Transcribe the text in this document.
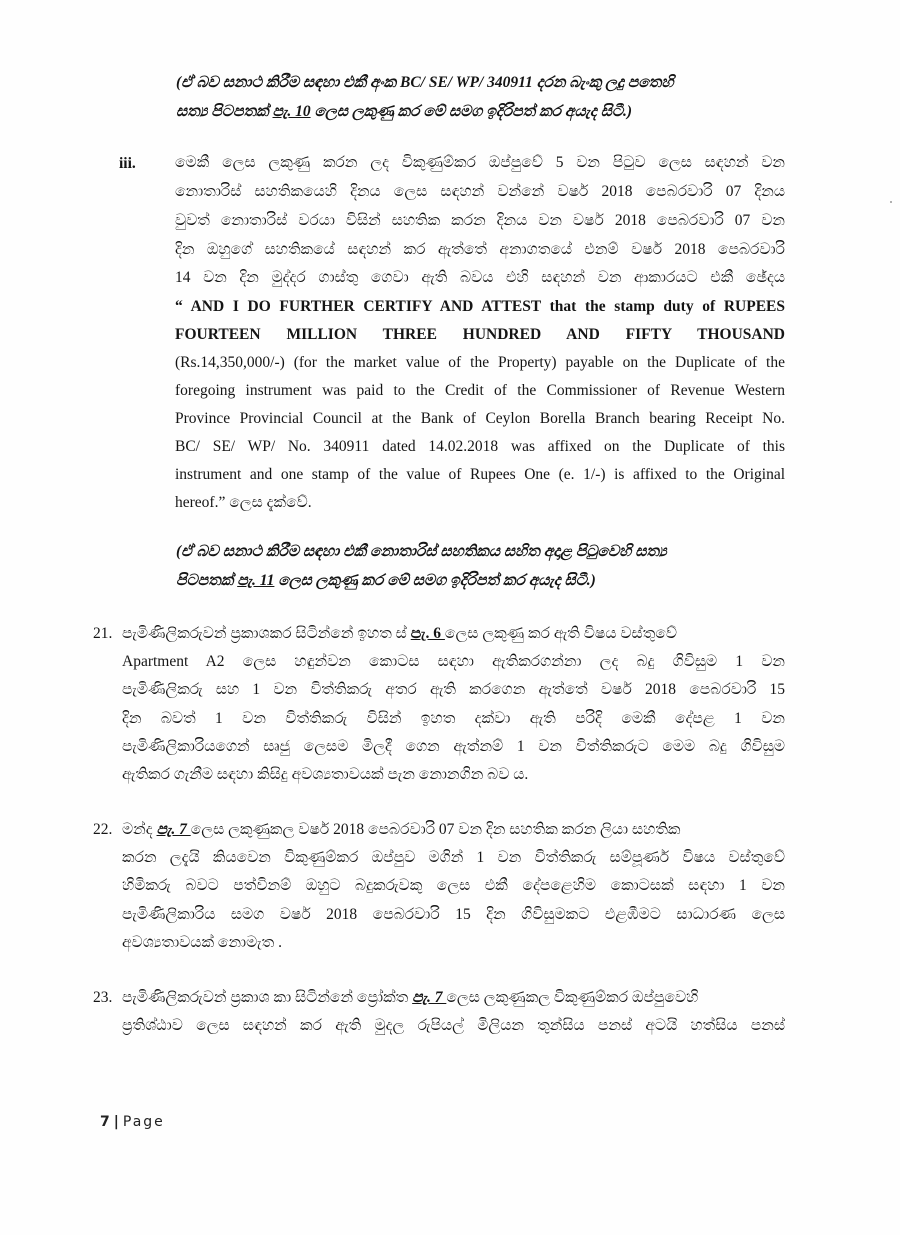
(ඒ බව සනාථ කිරීම සඳහා එකී අංක BC/ SE/ WP/ 340911 දරන බැංකු ලදු පතෙහි
සත්‍ය පිටපතක් පැ. 10 ලෙස ලකුණු කර මේ සමග ඉදිරිපත් කර අයැද සිටී.)
iii.	මෙකී ලෙස ලකුණු කරන ලද විකුණුම්කර ඔප්පුවේ 5 වන පිටුව ලෙස සඳහන් වන
නොතාරිස් සහතිකයෙහි දිනය ලෙස සඳහන් වන්නේ වර්ෂ 2018 පෙබරවාරි 07 දිනය
වුවත් නොතාරිස් වරයා විසින් සහතික කරන දිනය වන වර්ෂ 2018 පෙබරවාරි 07 වන
දින ඔහුගේ සහතිකයේ සඳහන් කර ඇත්තේ අනාගතයේ එනම් වර්ෂ 2018 පෙබරවාරි
14 වන දින මුද්දර ගාස්තු ගෙවා ඇති බවය එහි සඳහන් වන ආකාරයට එකී ඡේදය
“ AND I DO FURTHER CERTIFY AND ATTEST that the stamp duty of RUPEES
FOURTEEN MILLION THREE HUNDRED AND FIFTY THOUSAND
(Rs.14,350,000/-) (for the market value of the Property) payable on the Duplicate of the
foregoing instrument was paid to the Credit of the Commissioner of Revenue Western
Province Provincial Council at the Bank of Ceylon Borella Branch bearing Receipt No.
BC/ SE/ WP/ No. 340911 dated 14.02.2018 was affixed on the Duplicate of this
instrument and one stamp of the value of Rupees One (e. 1/-) is affixed to the Original
hereof.” ලෙස දැක්වේ.
(ඒ බව සනාථ කිරීම සඳහා එකී නොතාරිස් සහතිකය සහිත අදාළ පිටුවෙහි සත්‍ය
පිටපතක් පැ. 11 ලෙස ලකුණු කර මේ සමග ඉදිරිපත් කර අයැද සිටී.)
21. පැමිණිලිකරුවන් ප්‍රකාශකර සිටින්නේ ඉහත ස් පැ. 6 ලෙස ලකුණු කර ඇති විෂය වස්තුවේ
Apartment A2 ලෙස හඳුන්වන කොටස සඳහා ඇතිකරගන්නා ලද බදු ගිවිසුම 1 වන
පැමිණිලිකරු සහ 1 වන විත්තිකරු අතර ඇති කරගෙන ඇත්තේ වර්ෂ 2018 පෙබරවාරි 15
දින බවත් 1 වන විත්තිකරු විසින් ඉහත දක්වා ඇති පරිදි මෙකී දේපළ 1 වන
පැමිණිලිකාරියගෙන් සෘජු ලෙසම මිලදී ගෙන ඇත්නම් 1 වන විත්තිකරුට මෙම බදු ගිවිසුම
ඇතිකර ගැනීම සඳහා කිසිදු අවශ්‍යතාවයක් පැන නොනගින බව ය.
22. මන්ද පැ. 7 ලෙස ලකුණුකල වර්ෂ 2018 පෙබරවාරි 07 වන දින සහතික කරන ලියා සහතික
කරන ලදැයි කියවෙන විකුණුම්කර ඔප්පුව මගින් 1 වන විත්තිකරු සම්පූර්ණ විෂය වස්තුවේ
හිමිකරු බවට පත්විනම් ඔහුට බදුකරුවකු ලෙස එකී දේපළෙහිම කොටසක් සඳහා 1 වන
පැමිණිලිකාරිය සමග වර්ෂ 2018 පෙබරවාරි 15 දින ගිවිසුමකට එළඹීමට සාධාරණ ලෙස
අවශ්‍යතාවයක් නොමැත .
23. පැමිණිලිකරුවන් ප්‍රකාශ කා සිටින්නේ ප්‍රෝක්ත පැ. 7 ලෙස ලකුණුකල විකුණුම්කර ඔප්පුවෙහි
ප්‍රතිශ්ඨාව ලෙස සඳහන් කර ඇති මුදල රුපියල් මිලියන තුන්සිය පනස් අටයි හත්සිය පනස්
7 | Page
